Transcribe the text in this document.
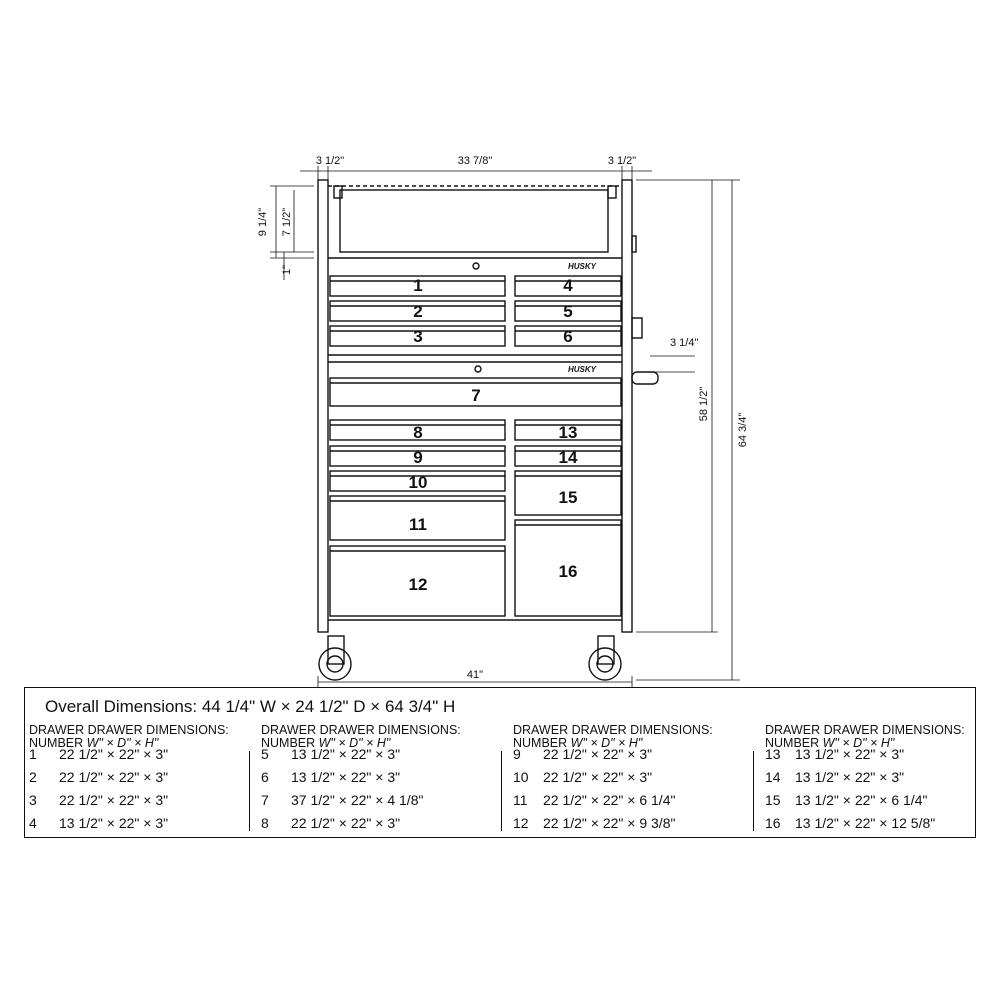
1
2
3
4
5
6
7
8
9
10
11
12
13
14
15
16
3 1/2"	33 7/8"	3 1/2"
9 1/4" 7 1/2"
1"
3 1/4"
58 1/2"
64 3/4"
41"
HUSKY
HUSKY
Overall Dimensions: 44 1/4" W × 24 1/2" D × 64 3/4" H
DRAWER DRAWER DIMENSIONS:
NUMBER W" × D" × H"
1 22 1/2" × 22" × 3"
2 22 1/2" × 22" × 3"
3 22 1/2" × 22" × 3"
4 13 1/2" × 22" × 3"
DRAWER DRAWER DIMENSIONS:
NUMBER W" × D" × H"
5 13 1/2" × 22" × 3"
6 13 1/2" × 22" × 3"
7 37 1/2" × 22" × 4 1/8"
8 22 1/2" × 22" × 3"
DRAWER DRAWER DIMENSIONS:
NUMBER W" × D" × H"
9 22 1/2" × 22" × 3"
10 22 1/2" × 22" × 3"
11 22 1/2" × 22" × 6 1/4"
12 22 1/2" × 22" × 9 3/8"
DRAWER DRAWER DIMENSIONS:
NUMBER W" × D" × H"
13 13 1/2" × 22" × 3"
14 13 1/2" × 22" × 3"
15 13 1/2" × 22" × 6 1/4"
16 13 1/2" × 22" × 12 5/8"
